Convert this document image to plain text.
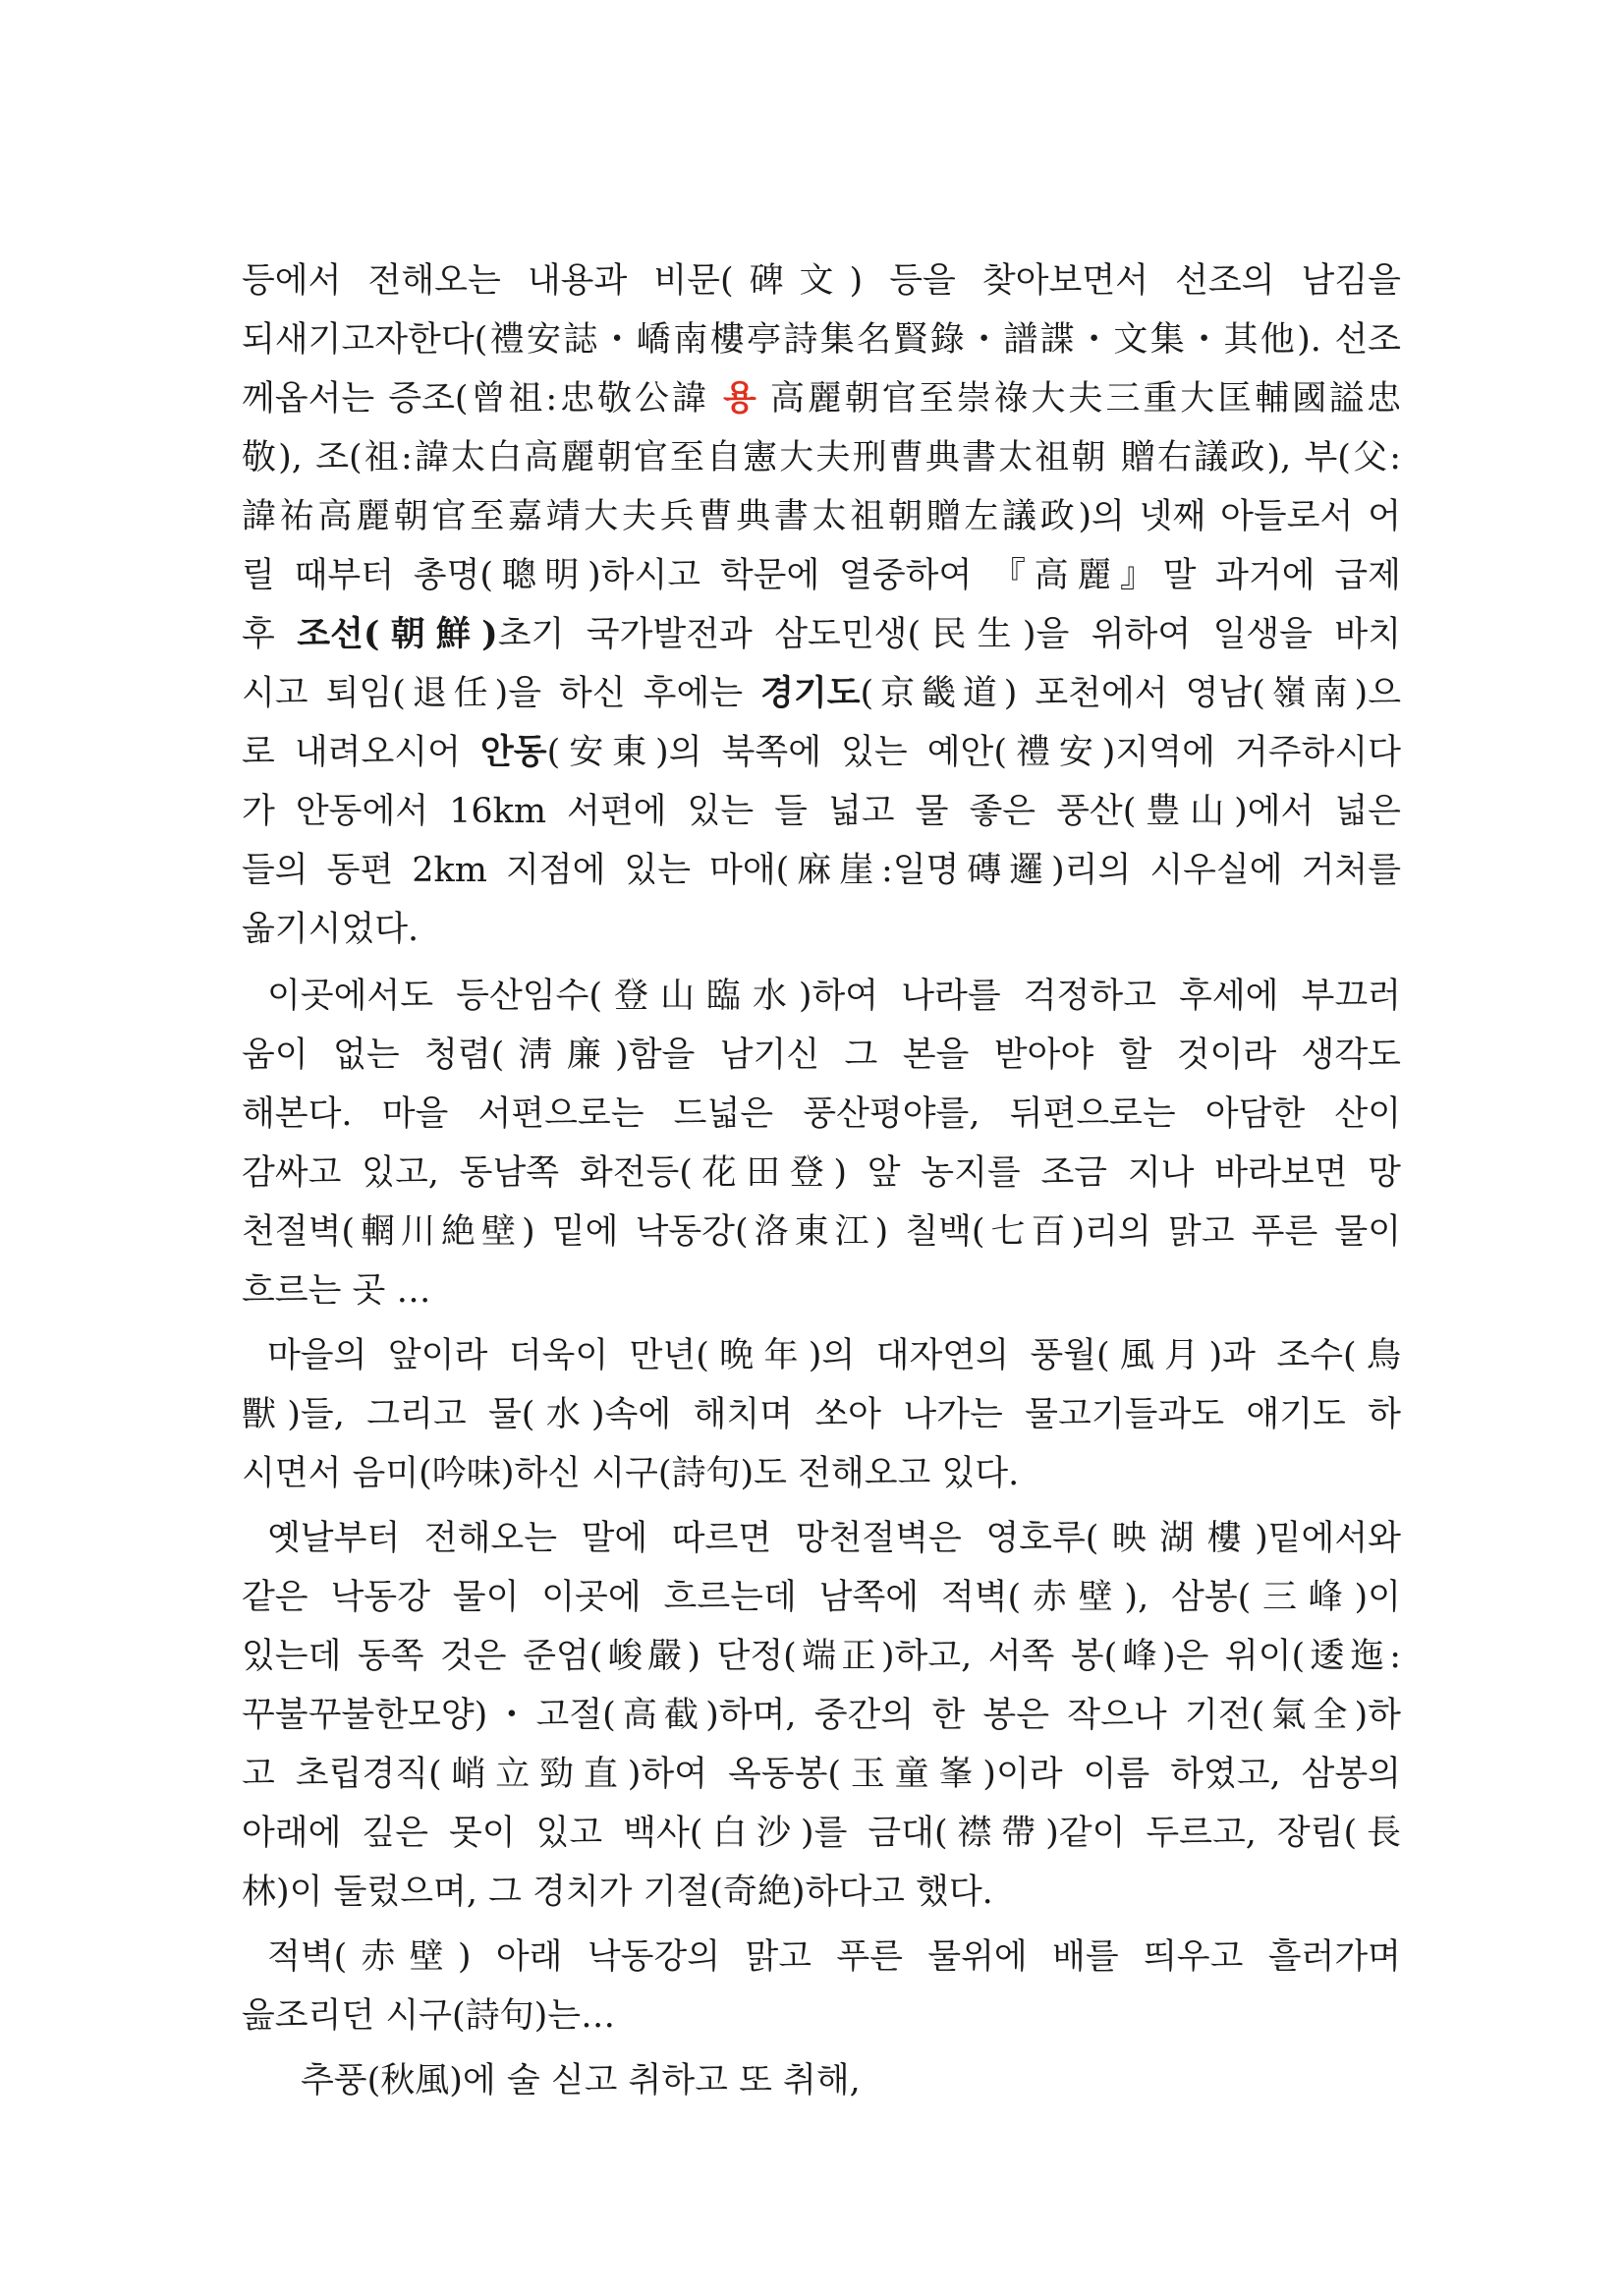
등에서 전해오는 내용과 비문(碑文) 등을 찾아보면서 선조의 남김을
되새기고자한다(禮安誌・嶠南樓亭詩集名賢錄・譜諜・文集・其他). 선조
께옵서는 증조(曾祖:忠敬公諱 용 高麗朝官至崇祿大夫三重大匡輔國謚忠
敬), 조(祖:諱太白高麗朝官至自憲大夫刑曹典書太祖朝 贈右議政), 부(父:
諱祐高麗朝官至嘉靖大夫兵曹典書太祖朝贈左議政)의 넷째 아들로서 어
릴 때부터 총명(聰明)하시고 학문에 열중하여 『高麗』말 과거에 급제
후 조선(朝鮮)초기 국가발전과 삼도민생(民生)을 위하여 일생을 바치
시고 퇴임(退任)을 하신 후에는 경기도(京畿道) 포천에서 영남(嶺南)으
로 내려오시어 안동(安東)의 북쪽에 있는 예안(禮安)지역에 거주하시다
가 안동에서 16km 서편에 있는 들 넓고 물 좋은 풍산(豊山)에서 넓은
들의 동편 2km 지점에 있는 마애(麻崖:일명磚邏)리의 시우실에 거처를
옮기시었다.
이곳에서도 등산임수(登山臨水)하여 나라를 걱정하고 후세에 부끄러
움이 없는 청렴(淸廉)함을 남기신 그 본을 받아야 할 것이라 생각도
해본다. 마을 서편으로는 드넓은 풍산평야를, 뒤편으로는 아담한 산이
감싸고 있고, 동남쪽 화전등(花田登) 앞 농지를 조금 지나 바라보면 망
천절벽(輞川絶壁) 밑에 낙동강(洛東江) 칠백(七百)리의 맑고 푸른 물이
흐르는 곳 …
마을의 앞이라 더욱이 만년(晩年)의 대자연의 풍월(風月)과 조수(鳥
獸)들, 그리고 물(水)속에 해치며 쏘아 나가는 물고기들과도 얘기도 하
시면서 음미(吟味)하신 시구(詩句)도 전해오고 있다.
옛날부터 전해오는 말에 따르면 망천절벽은 영호루(映湖樓)밑에서와
같은 낙동강 물이 이곳에 흐르는데 남쪽에 적벽(赤壁), 삼봉(三峰)이
있는데 동쪽 것은 준엄(峻嚴) 단정(端正)하고, 서쪽 봉(峰)은 위이(逶迤:
꾸불꾸불한모양)・고절(高截)하며, 중간의 한 봉은 작으나 기전(氣全)하
고 초립경직(峭立勁直)하여 옥동봉(玉童峯)이라 이름 하였고, 삼봉의
아래에 깊은 못이 있고 백사(白沙)를 금대(襟帶)같이 두르고, 장림(長
林)이 둘렀으며, 그 경치가 기절(奇絶)하다고 했다.
적벽(赤壁) 아래 낙동강의 맑고 푸른 물위에 배를 띄우고 흘러가며
읊조리던 시구(詩句)는…
추풍(秋風)에 술 싣고 취하고 또 취해,
